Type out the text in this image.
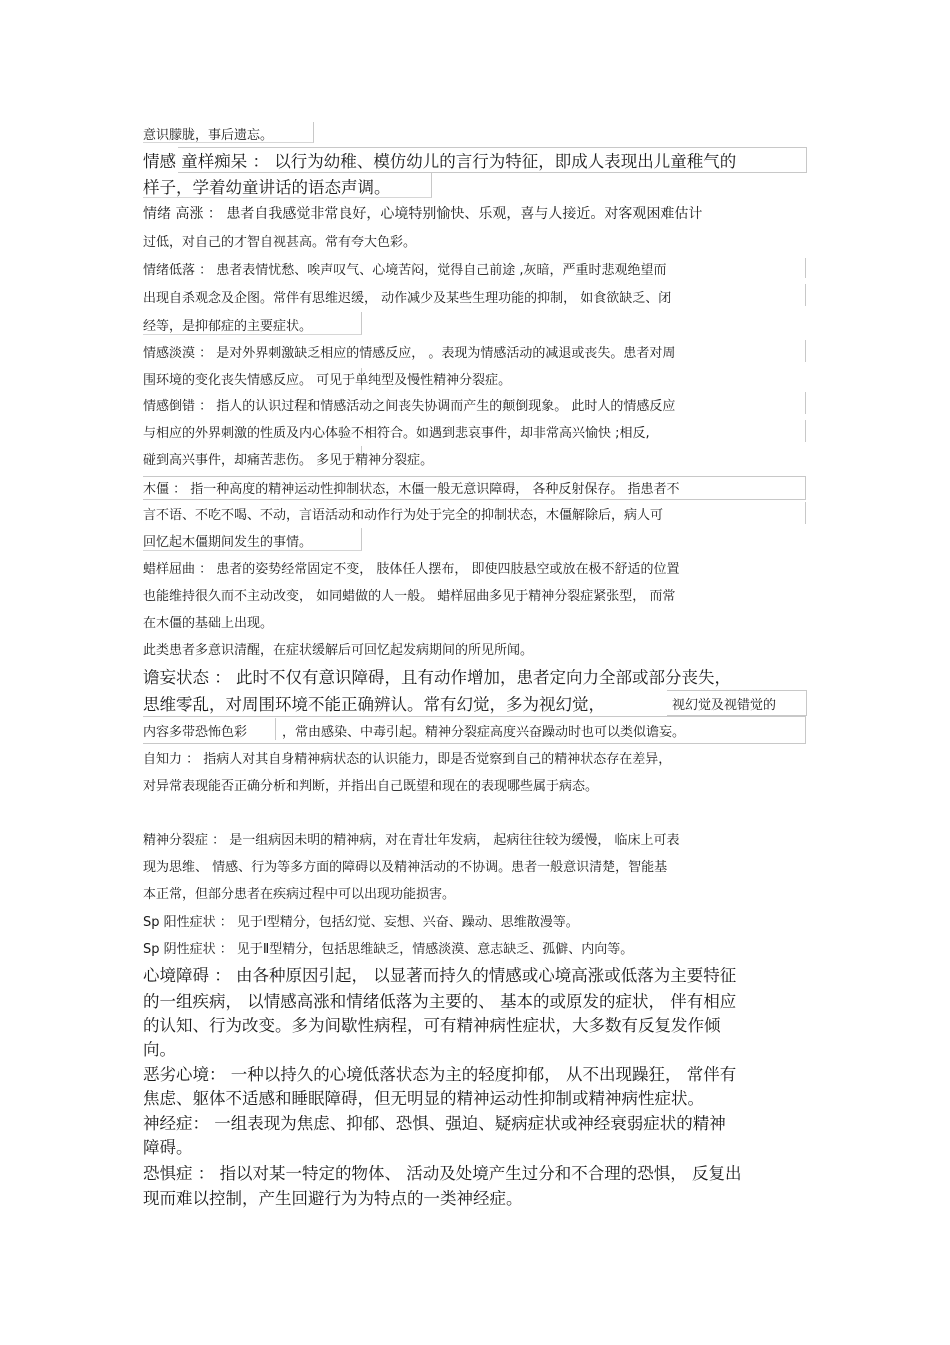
意识朦胧，事后遗忘。

情感 童样痴呆 ： 以行为幼稚、模仿幼儿的言行为特征，即成人表现出儿童稚气的

样子，学着幼童讲话的语态声调。

情绪 高涨 ： 患者自我感觉非常良好，心境特别愉快、乐观，喜与人接近。对客观困难估计

过低，对自己的才智自视甚高。常有夸大色彩。

情绪低落 ： 患者表情忧愁、唉声叹气、心境苦闷，觉得自己前途 ,灰暗，严重时悲观绝望而

出现自杀观念及企图。常伴有思维迟缓， 动作减少及某些生理功能的抑制， 如食欲缺乏、闭

经等，是抑郁症的主要症状。

情感淡漠 ： 是对外界刺激缺乏相应的情感反应， 。表现为情感活动的减退或丧失。患者对周

围环境的变化丧失情感反应。 可见于单纯型及慢性精神分裂症。

情感倒错 ： 指人的认识过程和情感活动之间丧失协调而产生的颠倒现象。 此时人的情感反应

与相应的外界刺激的性质及内心体验不相符合。如遇到悲哀事件，却非常高兴愉快 ;相反,

碰到高兴事件，却痛苦悲伤。 多见于精神分裂症。

木僵 ： 指一种高度的精神运动性抑制状态，木僵一般无意识障碍， 各种反射保存。 指患者不

言不语、不吃不喝、不动，言语活动和动作行为处于完全的抑制状态，木僵解除后，病人可

回忆起木僵期间发生的事情。

蜡样屈曲 ： 患者的姿势经常固定不变， 肢体任人摆布， 即使四肢悬空或放在极不舒适的位置

也能维持很久而不主动改变， 如同蜡做的人一般。 蜡样屈曲多见于精神分裂症紧张型， 而常

在木僵的基础上出现。

此类患者多意识清醒，在症状缓解后可回忆起发病期间的所见所闻。

谵妄状态 ： 此时不仅有意识障碍，且有动作增加，患者定向力全部或部分丧失，

思维零乱，对周围环境不能正确辨认。常有幻觉，多为视幻觉，	视幻觉及视错觉的

内容多带恐怖色彩	，常由感染、中毒引起。精神分裂症高度兴奋躁动时也可以类似谵妄。

自知力 ： 指病人对其自身精神病状态的认识能力，即是否觉察到自己的精神状态存在差异，

对异常表现能否正确分析和判断，并指出自己既望和现在的表现哪些属于病态。

精神分裂症 ： 是一组病因未明的精神病，对在青壮年发病， 起病往往较为缓慢， 临床上可表

现为思维、 情感、行为等多方面的障碍以及精神活动的不协调。患者一般意识清楚，智能基

本正常，但部分患者在疾病过程中可以出现功能损害。

Sp 阳性症状 ： 见于Ⅰ型精分，包括幻觉、妄想、兴奋、躁动、思维散漫等。

Sp 阴性症状 ： 见于Ⅱ型精分，包括思维缺乏，情感淡漠、意志缺乏、孤僻、内向等。

心境障碍 ： 由各种原因引起， 以显著而持久的情感或心境高涨或低落为主要特征

的一组疾病， 以情感高涨和情绪低落为主要的、 基本的或原发的症状， 伴有相应

的认知、行为改变。多为间歇性病程，可有精神病性症状，大多数有反复发作倾

向。

恶劣心境： 一种以持久的心境低落状态为主的轻度抑郁， 从不出现躁狂， 常伴有

焦虑、躯体不适感和睡眠障碍，但无明显的精神运动性抑制或精神病性症状。

神经症： 一组表现为焦虑、抑郁、恐惧、强迫、疑病症状或神经衰弱症状的精神

障碍。

恐惧症 ： 指以对某一特定的物体、 活动及处境产生过分和不合理的恐惧， 反复出

现而难以控制，产生回避行为为特点的一类神经症。
